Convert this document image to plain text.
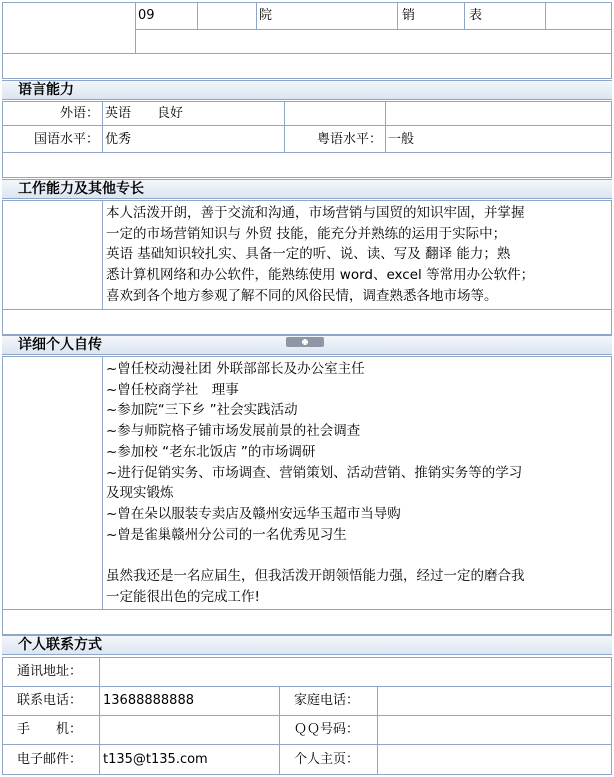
09	院	销	表
语言能力
外语： 英语　　良好
国语水平： 优秀	粤语水平： 一般
工作能力及其他专长
本人活泼开朗，善于交流和沟通，市场营销与国贸的知识牢固，并掌握
一定的市场营销知识与 外贸 技能，能充分并熟练的运用于实际中；
英语 基础知识较扎实、具备一定的听、说、读、写及 翻译 能力；熟
悉计算机网络和办公软件，能熟练使用 word、excel 等常用办公软件；
喜欢到各个地方参观了解不同的风俗民情，调查熟悉各地市场等。
详细个人自传
~曾任校动漫社团 外联部部长及办公室主任
~曾任校商学社　理事
~参加院“三下乡 ”社会实践活动
~参与师院格子铺市场发展前景的社会调查
~参加校 “老东北饭店 ”的市场调研
~进行促销实务、市场调查、营销策划、活动营销、推销实务等的学习
及现实锻炼
~曾在朵以服装专卖店及赣州安远华玉超市当导购
~曾是雀巢赣州分公司的一名优秀见习生
虽然我还是一名应届生，但我活泼开朗领悟能力强，经过一定的磨合我
一定能很出色的完成工作!
个人联系方式
通讯地址：
联系电话： 13688888888	家庭电话：
手　　机：	ＱＱ号码：
电子邮件： t135@t135.com	个人主页：
